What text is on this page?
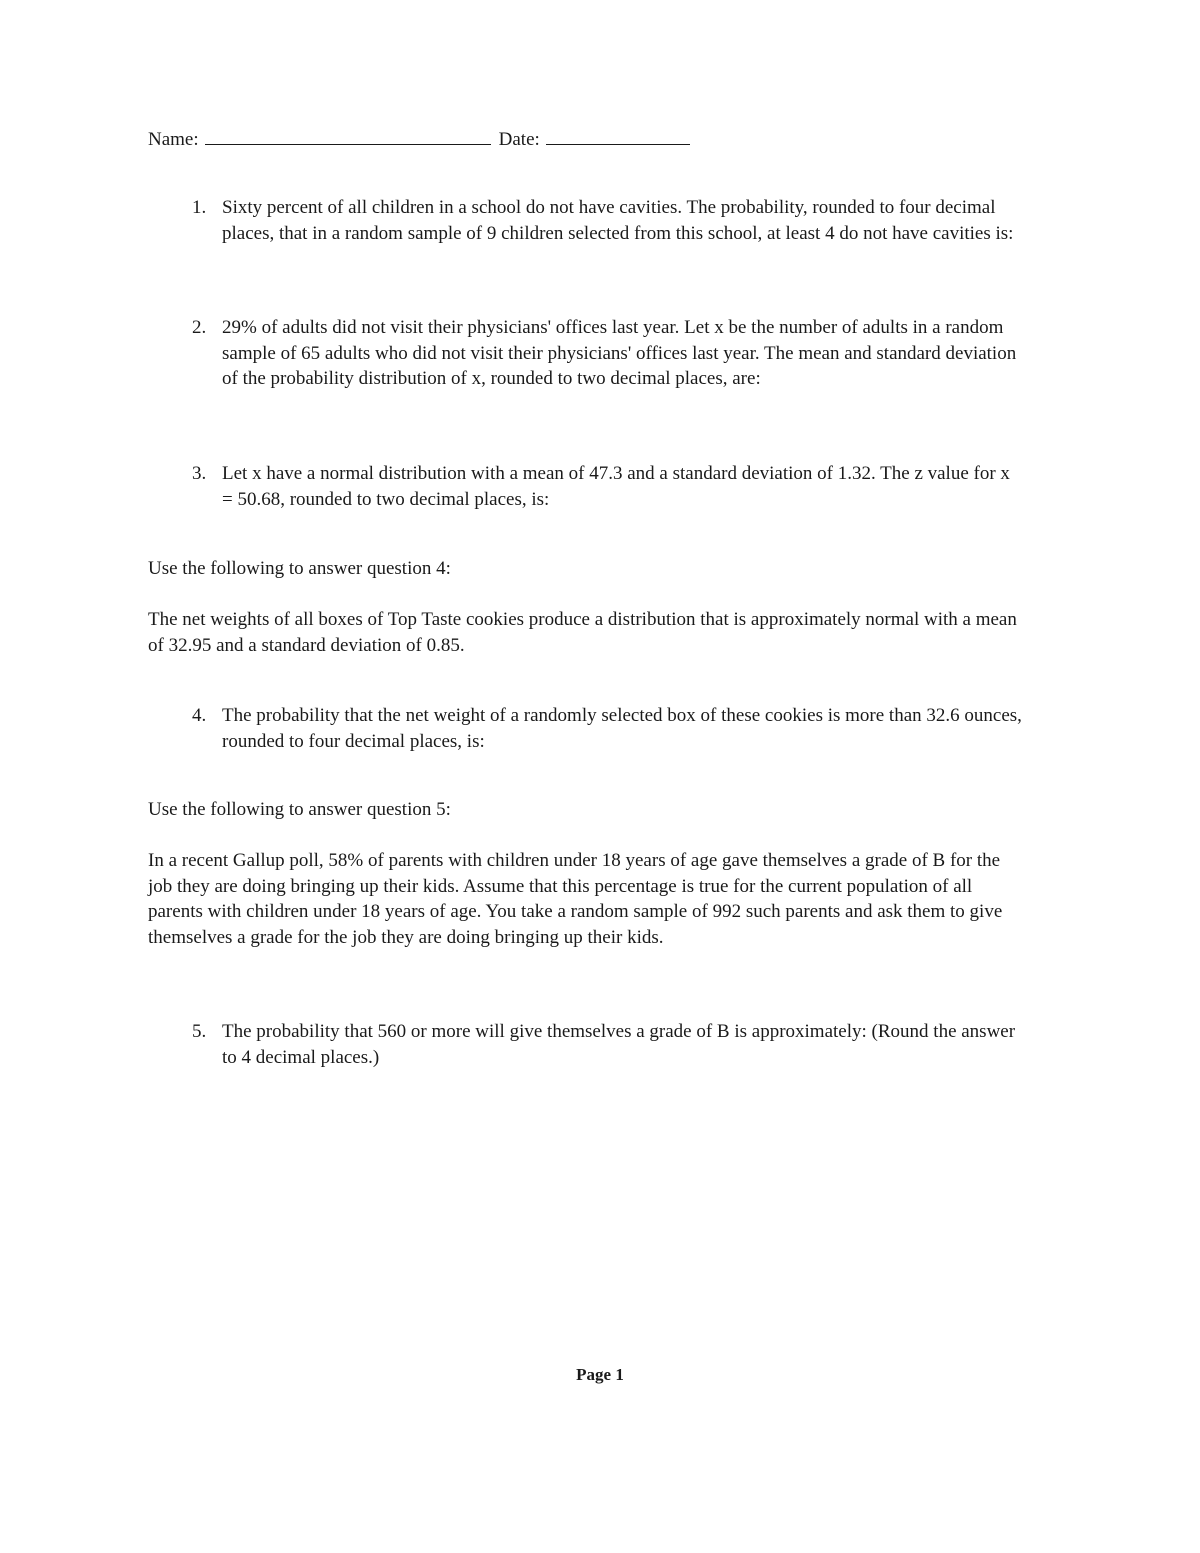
Name:	Date:
1. Sixty percent of all children in a school do not have cavities. The probability, rounded to four decimal places, that in a random sample of 9 children selected from this school, at least 4 do not have cavities is:
2. 29% of adults did not visit their physicians' offices last year. Let x be the number of adults in a random sample of 65 adults who did not visit their physicians' offices last year. The mean and standard deviation of the probability distribution of x, rounded to two decimal places, are:
3. Let x have a normal distribution with a mean of 47.3 and a standard deviation of 1.32. The z value for x = 50.68, rounded to two decimal places, is:
Use the following to answer question 4:
The net weights of all boxes of Top Taste cookies produce a distribution that is approximately normal with a mean of 32.95 and a standard deviation of 0.85.
4. The probability that the net weight of a randomly selected box of these cookies is more than 32.6 ounces, rounded to four decimal places, is:
Use the following to answer question 5:
In a recent Gallup poll, 58% of parents with children under 18 years of age gave themselves a grade of B for the job they are doing bringing up their kids. Assume that this percentage is true for the current population of all parents with children under 18 years of age. You take a random sample of 992 such parents and ask them to give themselves a grade for the job they are doing bringing up their kids.
5. The probability that 560 or more will give themselves a grade of B is approximately: (Round the answer to 4 decimal places.)
Page 1
